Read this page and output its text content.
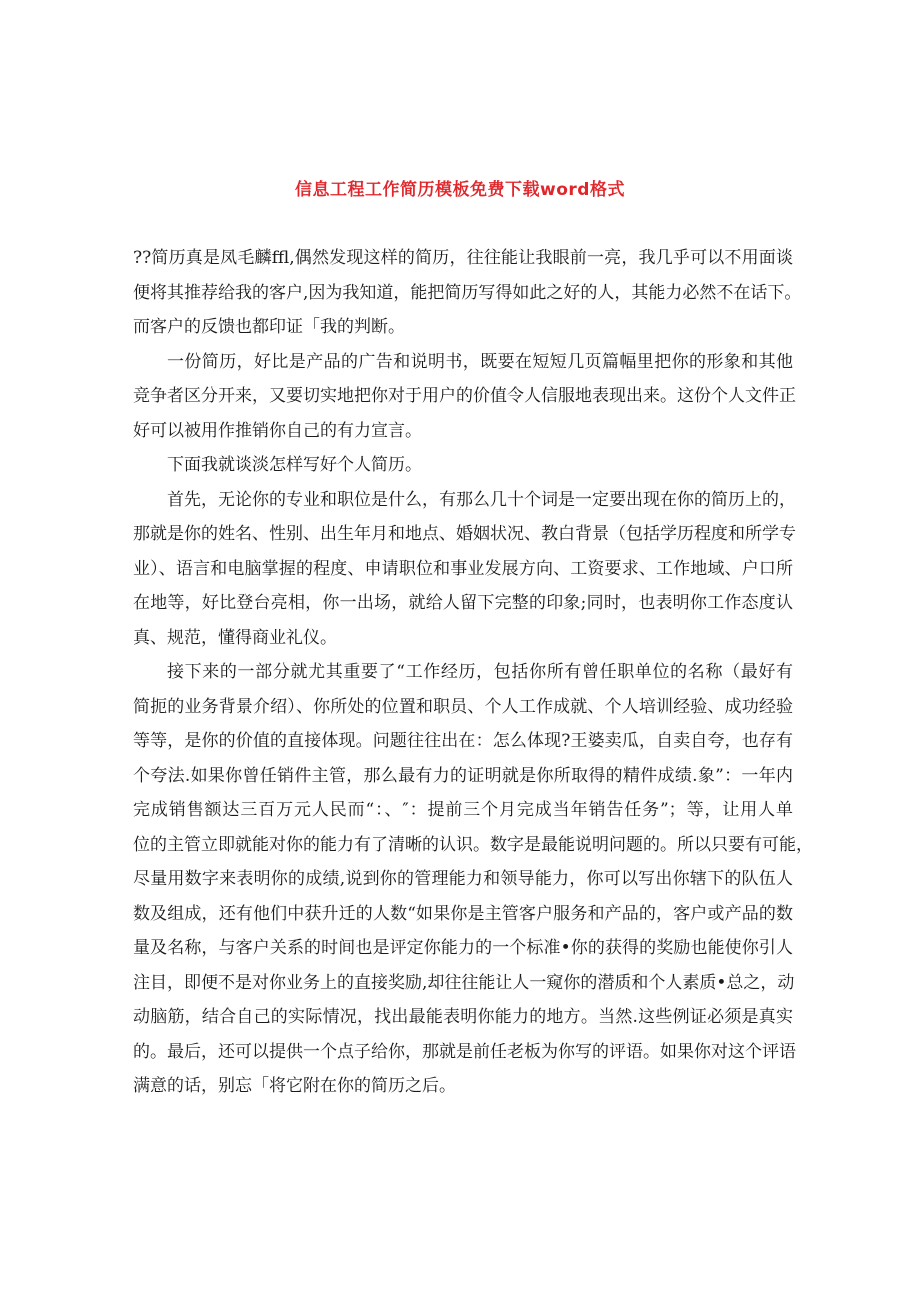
信息工程工作简历模板免费下载word格式
??简历真是凤毛麟ffl,偶然发现这样的简历，往往能让我眼前一亮，我几乎可以不用面谈
便将其推荐给我的客户,因为我知道，能把简历写得如此之好的人，其能力必然不在话下。
而客户的反馈也都印证「我的判断。
一份简历，好比是产品的广告和说明书，既要在短短几页篇幅里把你的形象和其他
竞争者区分开来，又要切实地把你对于用户的价值令人信服地表现出来。这份个人文件正
好可以被用作推销你自己的有力宣言。
下面我就谈淡怎样写好个人简历。
首先，无论你的专业和职位是什么，有那么几十个词是一定要出现在你的简历上的，
那就是你的姓名、性别、出生年月和地点、婚姻状况、教白背景（包括学历程度和所学专
业）、语言和电脑掌握的程度、申请职位和事业发展方向、工资要求、工作地域、户口所
在地等，好比登台亮相，你一出场，就给人留下完整的印象;同时，也表明你工作态度认
真、规范，懂得商业礼仪。
接下来的一部分就尤其重要了“工作经历，包括你所有曾任职单位的名称（最好有
简扼的业务背景介绍）、你所处的位置和职员、个人工作成就、个人培训经验、成功经验
等等，是你的价值的直接体现。问题往往出在：怎么体现?王婆卖瓜，自卖自夸，也存有
个夸法.如果你曾任销件主管，那么最有力的证明就是你所取得的精件成绩.象”：一年内
完成销售额达三百万元人民而“：、″：提前三个月完成当年销告任务”；等，让用人单
位的主管立即就能对你的能力有了清晰的认识。数字是最能说明问题的。所以只要有可能，
尽量用数字来表明你的成绩,说到你的管理能力和领导能力，你可以写出你辖下的队伍人
数及组成，还有他们中获升迁的人数“如果你是主管客户服务和产品的，客户或产品的数
量及名称，与客户关系的时间也是评定你能力的一个标准•你的获得的奖励也能使你引人
注目，即便不是对你业务上的直接奖励,却往往能让人一窥你的潜质和个人素质•总之，动
动脑筋，结合自己的实际情况，找出最能表明你能力的地方。当然.这些例证必须是真实
的。最后，还可以提供一个点子给你，那就是前任老板为你写的评语。如果你对这个评语
满意的话，别忘「将它附在你的简历之后。
